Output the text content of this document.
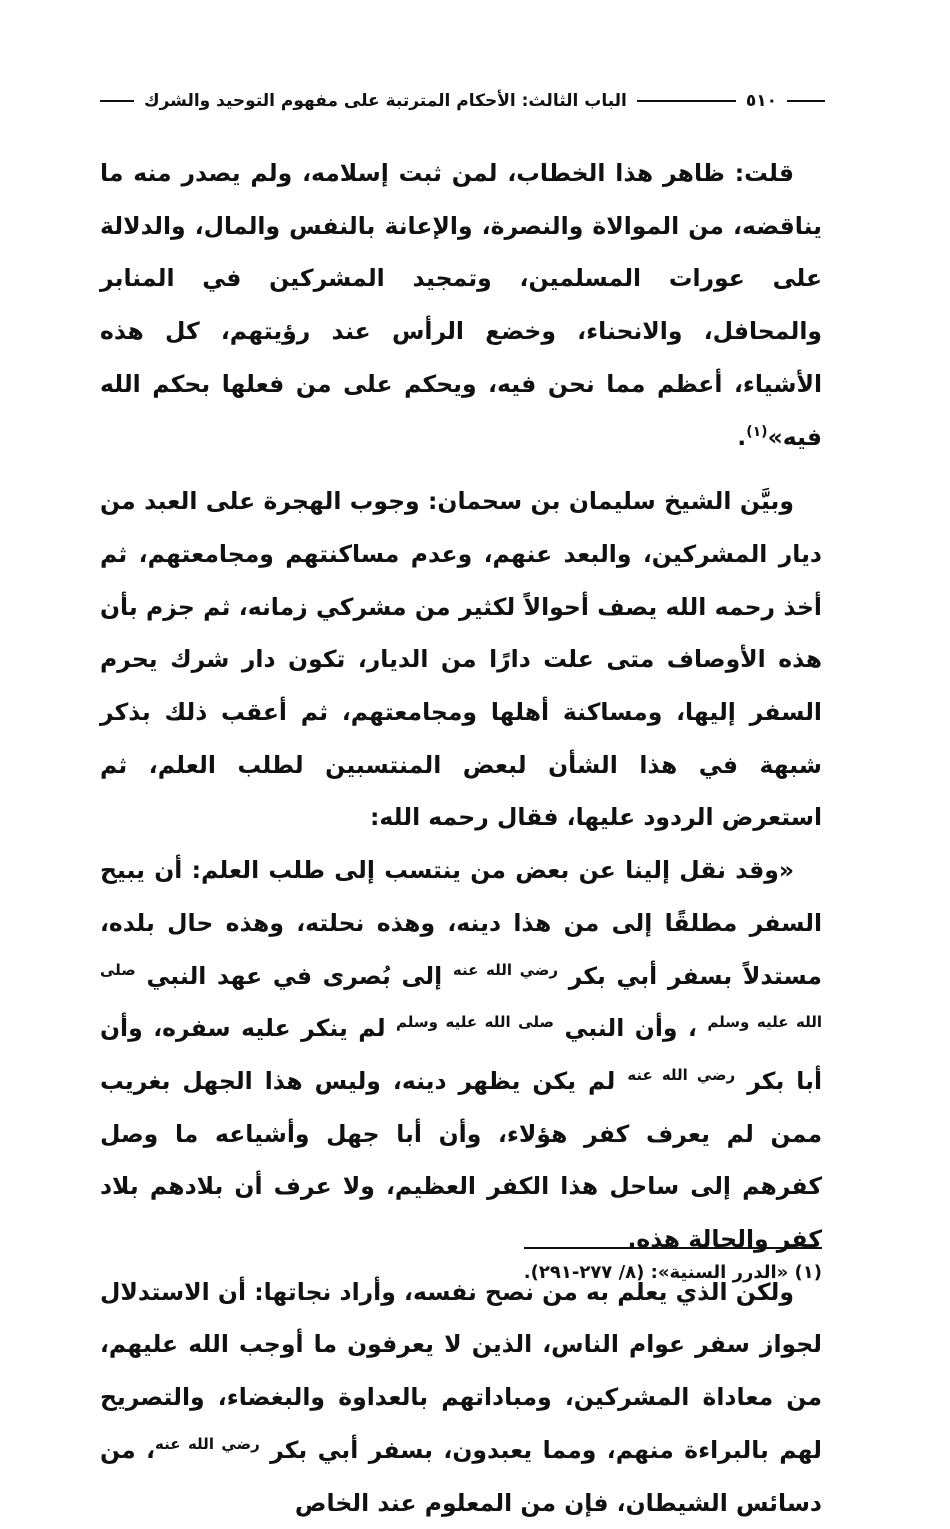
٥١٠
الباب الثالث: الأحكام المترتبة على مفهوم التوحيد والشرك

قلت: ظاهر هذا الخطاب، لمن ثبت إسلامه، ولم يصدر منه ما يناقضه، من الموالاة والنصرة، والإعانة بالنفس والمال، والدلالة على عورات المسلمين، وتمجيد المشركين في المنابر والمحافل، والانحناء، وخضع الرأس عند رؤيتهم، كل هذه الأشياء، أعظم مما نحن فيه، ويحكم على من فعلها بحكم الله فيه»$^{(١)}$.

وبيَّن الشيخ سليمان بن سحمان: وجوب الهجرة على العبد من ديار المشركين، والبعد عنهم، وعدم مساكنتهم ومجامعتهم، ثم أخذ رحمه الله يصف أحوالاً لكثير من مشركي زمانه، ثم جزم بأن هذه الأوصاف متى علت دارًا من الديار، تكون دار شرك يحرم السفر إليها، ومساكنة أهلها ومجامعتهم، ثم أعقب ذلك بذكر شبهة في هذا الشأن لبعض المنتسبين لطلب العلم، ثم استعرض الردود عليها، فقال رحمه الله:

«وقد نقل إلينا عن بعض من ينتسب إلى طلب العلم: أن يبيح السفر مطلقًا إلى من هذا دينه، وهذه نحلته، وهذه حال بلده، مستدلاً بسفر أبي بكر $^{رضي الله عنه}$ إلى بُصرى في عهد النبي $^{صلى الله عليه وسلم}$ ، وأن النبي $^{صلى الله عليه وسلم}$ لم ينكر عليه سفره، وأن أبا بكر $^{رضي الله عنه}$ لم يكن يظهر دينه، وليس هذا الجهل بغريب ممن لم يعرف كفر هؤلاء، وأن أبا جهل وأشياعه ما وصل كفرهم إلى ساحل هذا الكفر العظيم، ولا عرف أن بلادهم بلاد كفر والحالة هذه.

ولكن الذي يعلم به من نصح نفسه، وأراد نجاتها: أن الاستدلال لجواز سفر عوام الناس، الذين لا يعرفون ما أوجب الله عليهم، من معاداة المشركين، ومباداتهم بالعداوة والبغضاء، والتصريح لهم بالبراءة منهم، ومما يعبدون، بسفر أبي بكر $^{رضي الله عنه}$، من دسائس الشيطان، فإن من المعلوم عند الخاص

(١) «الدرر السنية»: (٨/ ٢٧٧-٢٩١).
